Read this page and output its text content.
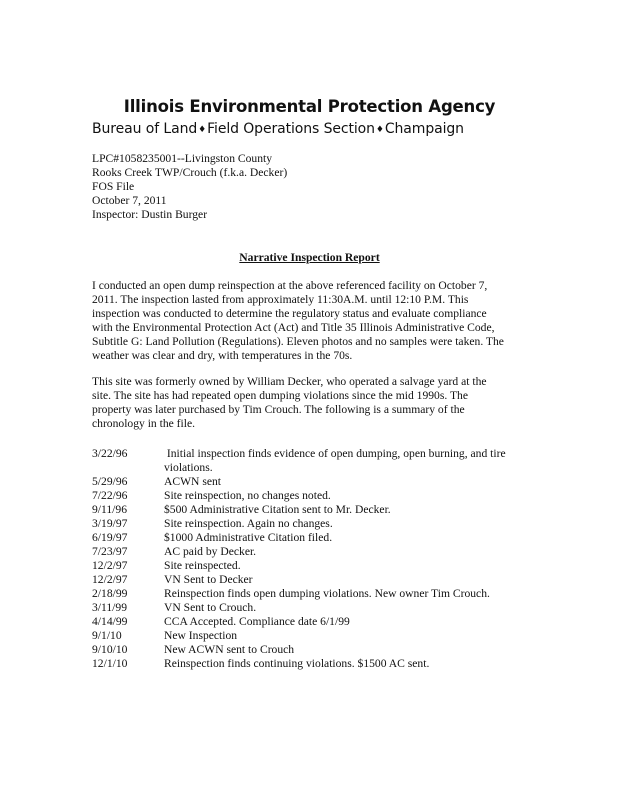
Illinois Environmental Protection Agency
Bureau of Land♦Field Operations Section♦Champaign
LPC#1058235001--Livingston County
Rooks Creek TWP/Crouch (f.k.a. Decker)
FOS File
October 7, 2011
Inspector: Dustin Burger
Narrative Inspection Report
I conducted an open dump reinspection at the above referenced facility on October 7,
2011. The inspection lasted from approximately 11:30A.M. until 12:10 P.M. This
inspection was conducted to determine the regulatory status and evaluate compliance
with the Environmental Protection Act (Act) and Title 35 Illinois Administrative Code,
Subtitle G: Land Pollution (Regulations). Eleven photos and no samples were taken. The
weather was clear and dry, with temperatures in the 70s.
This site was formerly owned by William Decker, who operated a salvage yard at the
site. The site has had repeated open dumping violations since the mid 1990s. The
property was later purchased by Tim Crouch. The following is a summary of the
chronology in the file.
3/22/96	Initial inspection finds evidence of open dumping, open burning, and tire
violations.
5/29/96	ACWN sent
7/22/96	Site reinspection, no changes noted.
9/11/96	$500 Administrative Citation sent to Mr. Decker.
3/19/97	Site reinspection. Again no changes.
6/19/97	$1000 Administrative Citation filed.
7/23/97	AC paid by Decker.
12/2/97	Site reinspected.
12/2/97	VN Sent to Decker
2/18/99	Reinspection finds open dumping violations. New owner Tim Crouch.
3/11/99	VN Sent to Crouch.
4/14/99	CCA Accepted. Compliance date 6/1/99
9/1/10	New Inspection
9/10/10	New ACWN sent to Crouch
12/1/10	Reinspection finds continuing violations. $1500 AC sent.
